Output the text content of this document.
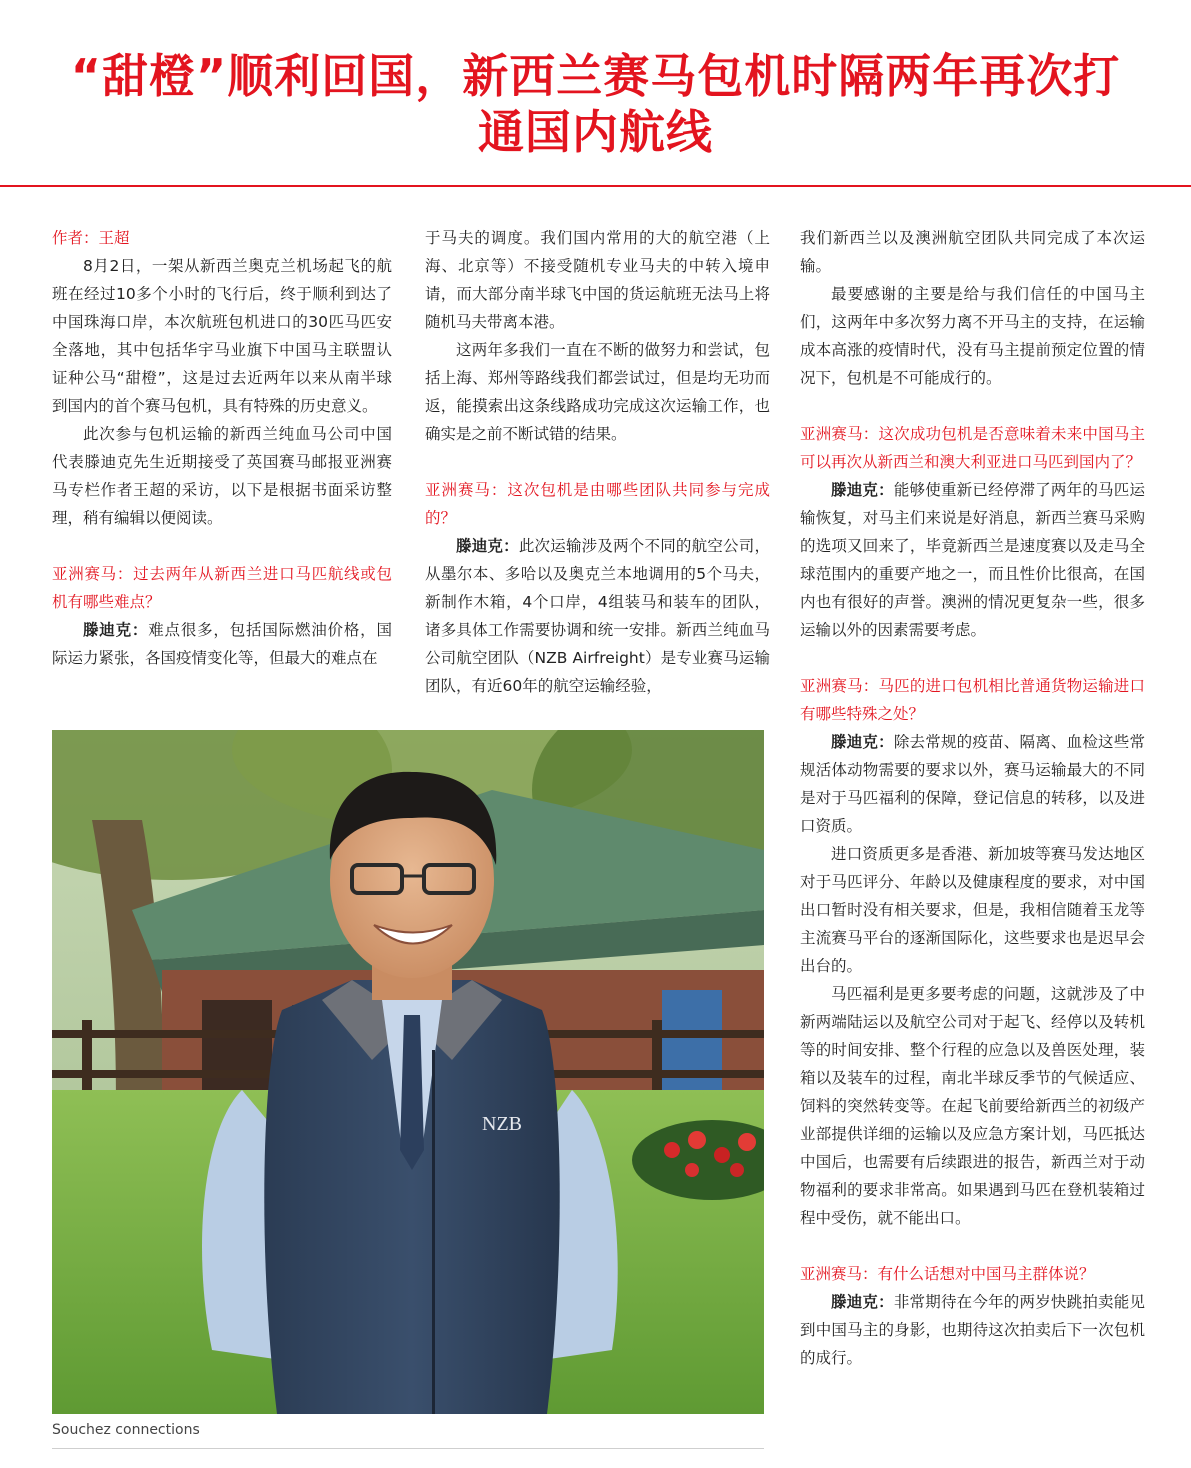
“甜橙”顺利回国，新西兰赛马包机时隔两年再次打
通国内航线

作者：王超

8月2日，一架从新西兰奥克兰机场起飞的航班在经过10多个小时的飞行后，终于顺利到达了中国珠海口岸，本次航班包机进口的30匹马匹安全落地，其中包括华宇马业旗下中国马主联盟认证种公马“甜橙”，这是过去近两年以来从南半球到国内的首个赛马包机，具有特殊的历史意义。

此次参与包机运输的新西兰纯血马公司中国代表滕迪克先生近期接受了英国赛马邮报亚洲赛马专栏作者王超的采访，以下是根据书面采访整理，稍有编辑以便阅读。

亚洲赛马：过去两年从新西兰进口马匹航线或包机有哪些难点？

滕迪克：难点很多，包括国际燃油价格，国际运力紧张，各国疫情变化等，但最大的难点在

于马夫的调度。我们国内常用的大的航空港（上海、北京等）不接受随机专业马夫的中转入境申请，而大部分南半球飞中国的货运航班无法马上将随机马夫带离本港。

这两年多我们一直在不断的做努力和尝试，包括上海、郑州等路线我们都尝试过，但是均无功而返，能摸索出这条线路成功完成这次运输工作，也确实是之前不断试错的结果。

亚洲赛马：这次包机是由哪些团队共同参与完成的？

滕迪克：此次运输涉及两个不同的航空公司，从墨尔本、多哈以及奥克兰本地调用的5个马夫，新制作木箱，4个口岸，4组装马和装车的团队，诸多具体工作需要协调和统一安排。新西兰纯血马公司航空团队（NZB Airfreight）是专业赛马运输团队，有近60年的航空运输经验，

我们新西兰以及澳洲航空团队共同完成了本次运输。

最要感谢的主要是给与我们信任的中国马主们，这两年中多次努力离不开马主的支持，在运输成本高涨的疫情时代，没有马主提前预定位置的情况下，包机是不可能成行的。

亚洲赛马：这次成功包机是否意味着未来中国马主可以再次从新西兰和澳大利亚进口马匹到国内了？

滕迪克：能够使重新已经停滞了两年的马匹运输恢复，对马主们来说是好消息，新西兰赛马采购的选项又回来了，毕竟新西兰是速度赛以及走马全球范围内的重要产地之一，而且性价比很高，在国内也有很好的声誉。澳洲的情况更复杂一些，很多运输以外的因素需要考虑。

亚洲赛马：马匹的进口包机相比普通货物运输进口有哪些特殊之处？

滕迪克：除去常规的疫苗、隔离、血检这些常规活体动物需要的要求以外，赛马运输最大的不同是对于马匹福利的保障，登记信息的转移，以及进口资质。

进口资质更多是香港、新加坡等赛马发达地区对于马匹评分、年龄以及健康程度的要求，对中国出口暂时没有相关要求，但是，我相信随着玉龙等主流赛马平台的逐渐国际化，这些要求也是迟早会出台的。

马匹福利是更多要考虑的问题，这就涉及了中新两端陆运以及航空公司对于起飞、经停以及转机等的时间安排、整个行程的应急以及兽医处理，装箱以及装车的过程，南北半球反季节的气候适应、饲料的突然转变等。在起飞前要给新西兰的初级产业部提供详细的运输以及应急方案计划，马匹抵达中国后，也需要有后续跟进的报告，新西兰对于动物福利的要求非常高。如果遇到马匹在登机装箱过程中受伤，就不能出口。

亚洲赛马：有什么话想对中国马主群体说？

滕迪克：非常期待在今年的两岁快跳拍卖能见到中国马主的身影，也期待这次拍卖后下一次包机的成行。

NZB
Souchez connections
